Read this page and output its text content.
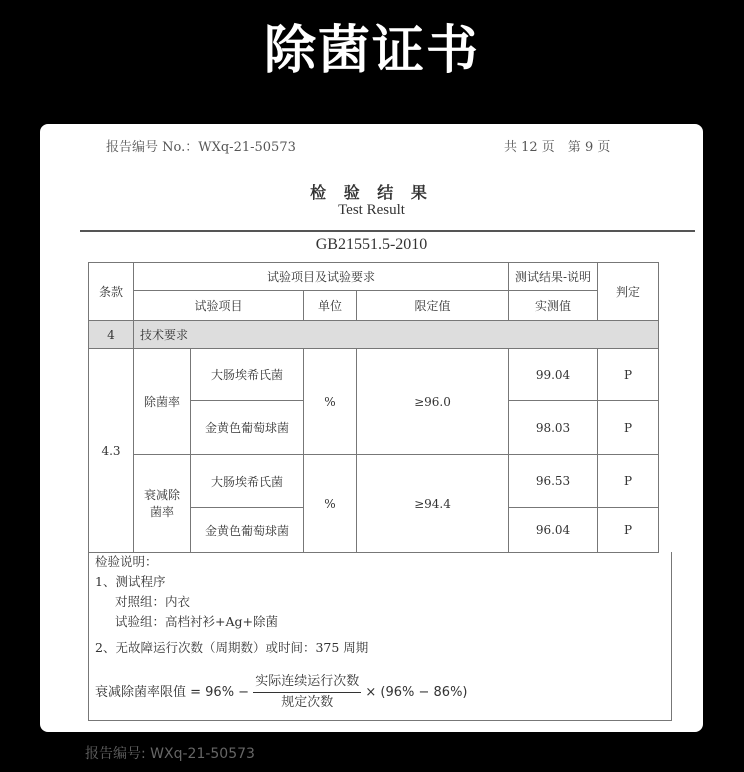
除菌证书
报告编号 No.：WXq-21-50573	共 12 页　第 9 页
检 验 结 果
Test Result
GB21551.5-2010
条款	试验项目及试验要求				测试结果-说明	判定
	试验项目		单位	限定值	实测值	
4	技术要求					
4.3	除菌率	大肠埃希氏菌	%	≥96.0	99.04	P
		金黄色葡萄球菌			98.03	P
	衰减除菌率	大肠埃希氏菌	%	≥94.4	96.53	P
		金黄色葡萄球菌			96.04	P
检验说明：
1、测试程序
对照组：内衣
试验组：高档衬衫+Ag+除菌
2、无故障运行次数（周期数）或时间：375 周期
衰减除菌率限值 = $96\% - \frac{\text{实际连续运行次数}}{\text{规定次数}} \times (96\% - 86\%)$
报告编号: WXq-21-50573
